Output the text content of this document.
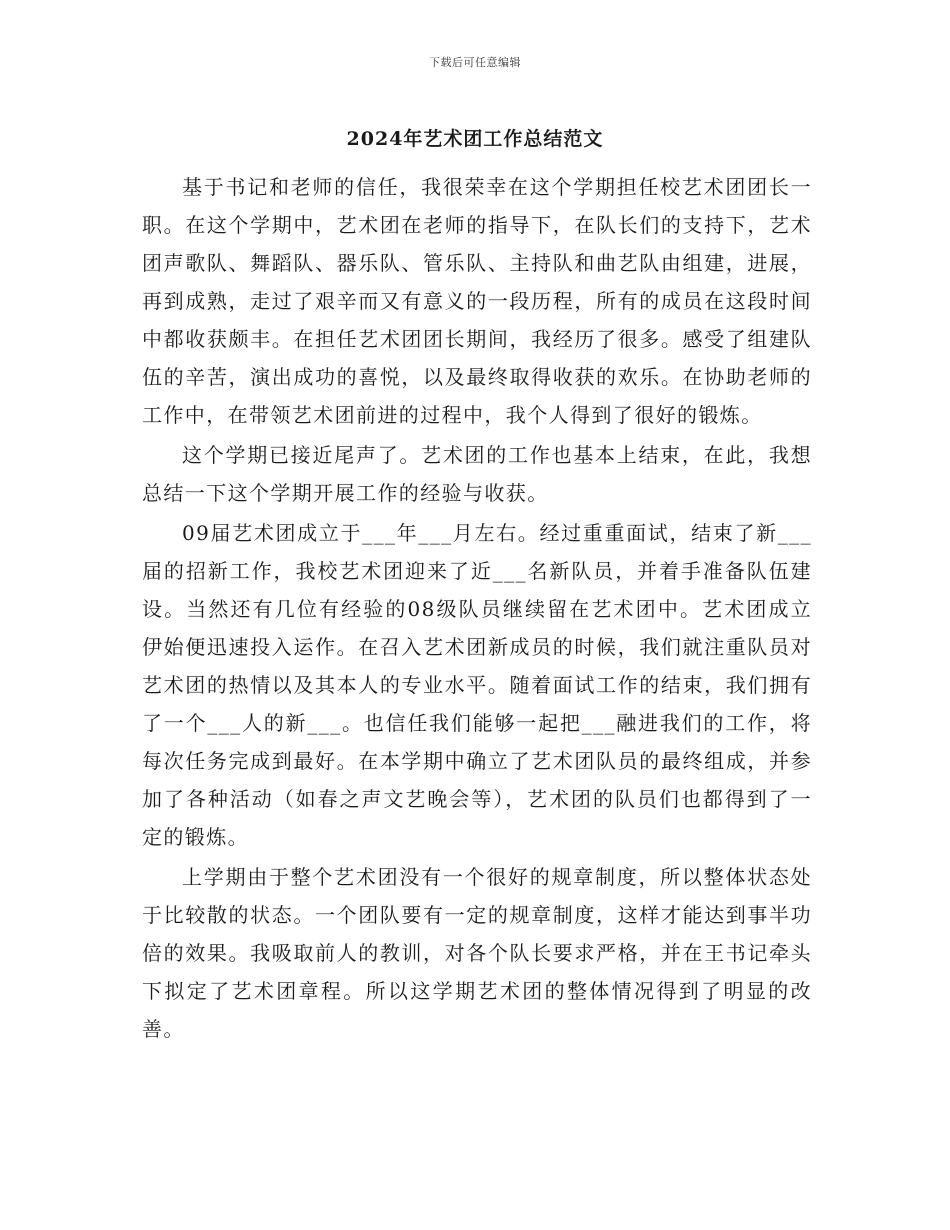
下载后可任意编辑
2024年艺术团工作总结范文

基于书记和老师的信任，我很荣幸在这个学期担任校艺术团团长一职。在这个学期中，艺术团在老师的指导下，在队长们的支持下，艺术团声歌队、舞蹈队、器乐队、管乐队、主持队和曲艺队由组建，进展，再到成熟，走过了艰辛而又有意义的一段历程，所有的成员在这段时间中都收获颇丰。在担任艺术团团长期间，我经历了很多。感受了组建队伍的辛苦，演出成功的喜悦，以及最终取得收获的欢乐。在协助老师的工作中，在带领艺术团前进的过程中，我个人得到了很好的锻炼。

这个学期已接近尾声了。艺术团的工作也基本上结束，在此，我想总结一下这个学期开展工作的经验与收获。

09届艺术团成立于___年___月左右。经过重重面试，结束了新___届的招新工作，我校艺术团迎来了近___名新队员，并着手准备队伍建设。当然还有几位有经验的08级队员继续留在艺术团中。艺术团成立伊始便迅速投入运作。在召入艺术团新成员的时候，我们就注重队员对艺术团的热情以及其本人的专业水平。随着面试工作的结束，我们拥有了一个___人的新___。也信任我们能够一起把___融进我们的工作，将每次任务完成到最好。在本学期中确立了艺术团队员的最终组成，并参加了各种活动（如春之声文艺晚会等），艺术团的队员们也都得到了一定的锻炼。

上学期由于整个艺术团没有一个很好的规章制度，所以整体状态处于比较散的状态。一个团队要有一定的规章制度，这样才能达到事半功倍的效果。我吸取前人的教训，对各个队长要求严格，并在王书记牵头下拟定了艺术团章程。所以这学期艺术团的整体情况得到了明显的改善。
